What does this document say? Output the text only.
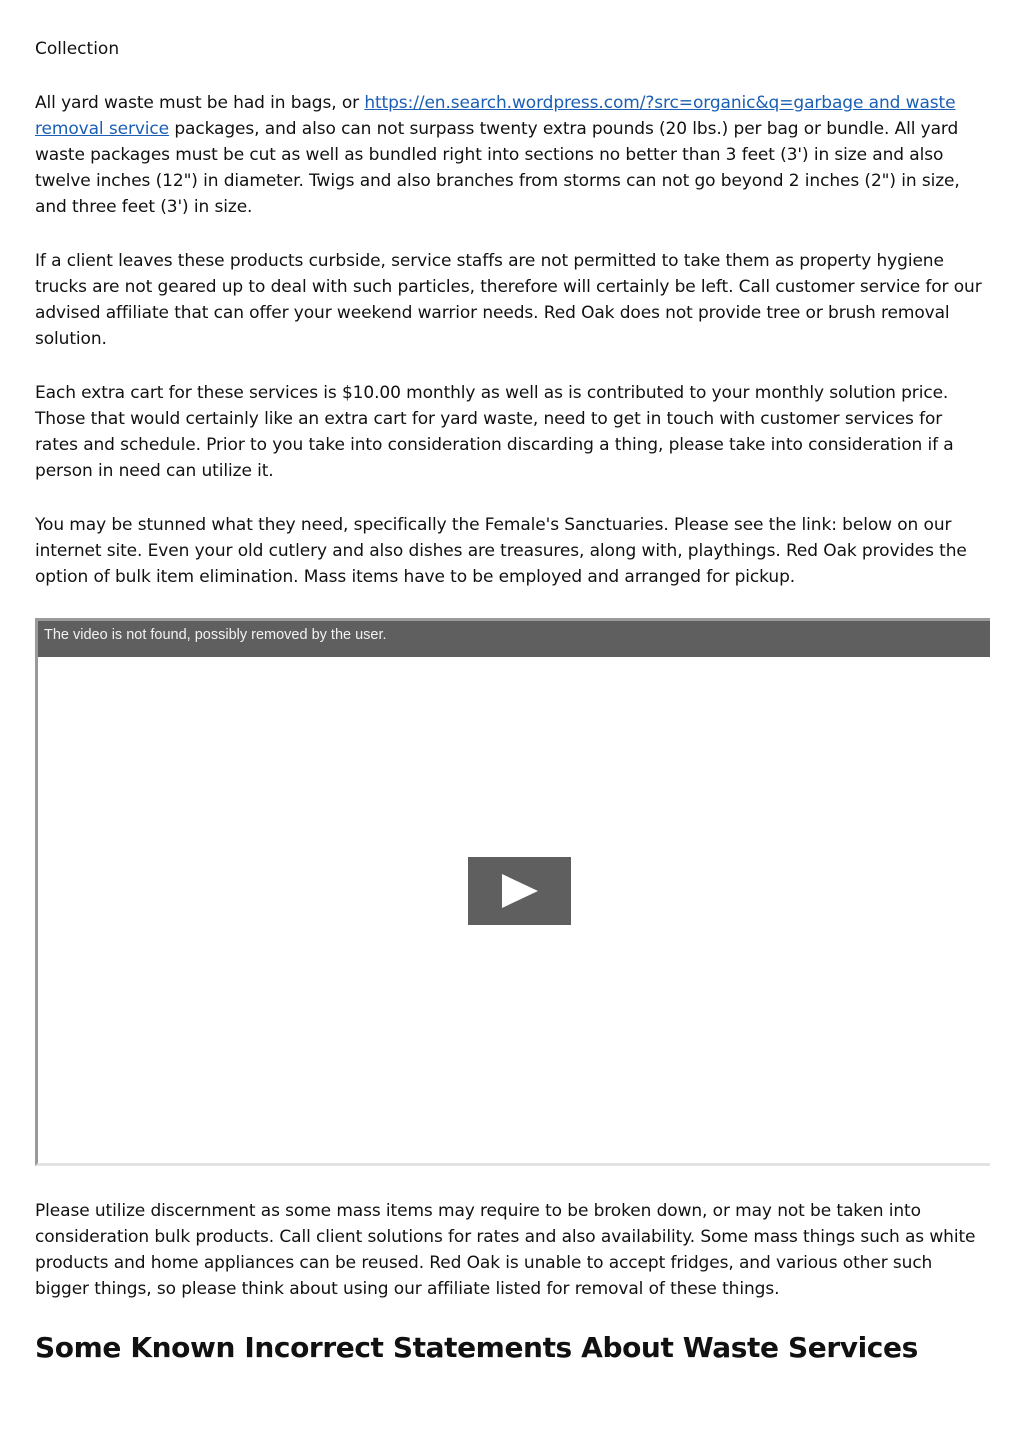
Collection

All yard waste must be had in bags, or https://en.search.wordpress.com/?src=organic&q=garbage and waste removal service packages, and also can not surpass twenty extra pounds (20 lbs.) per bag or bundle. All yard waste packages must be cut as well as bundled right into sections no better than 3 feet (3') in size and also twelve inches (12") in diameter. Twigs and also branches from storms can not go beyond 2 inches (2") in size, and three feet (3') in size.

If a client leaves these products curbside, service staffs are not permitted to take them as property hygiene trucks are not geared up to deal with such particles, therefore will certainly be left. Call customer service for our advised affiliate that can offer your weekend warrior needs. Red Oak does not provide tree or brush removal solution.

Each extra cart for these services is $10.00 monthly as well as is contributed to your monthly solution price. Those that would certainly like an extra cart for yard waste, need to get in touch with customer services for rates and schedule. Prior to you take into consideration discarding a thing, please take into consideration if a person in need can utilize it.

You may be stunned what they need, specifically the Female's Sanctuaries. Please see the link: below on our internet site. Even your old cutlery and also dishes are treasures, along with, playthings. Red Oak provides the option of bulk item elimination. Mass items have to be employed and arranged for pickup.

The video is not found, possibly removed by the user.

Please utilize discernment as some mass items may require to be broken down, or may not be taken into consideration bulk products. Call client solutions for rates and also availability. Some mass things such as white products and home appliances can be reused. Red Oak is unable to accept fridges, and various other such bigger things, so please think about using our affiliate listed for removal of these things.

Some Known Incorrect Statements About Waste Services
